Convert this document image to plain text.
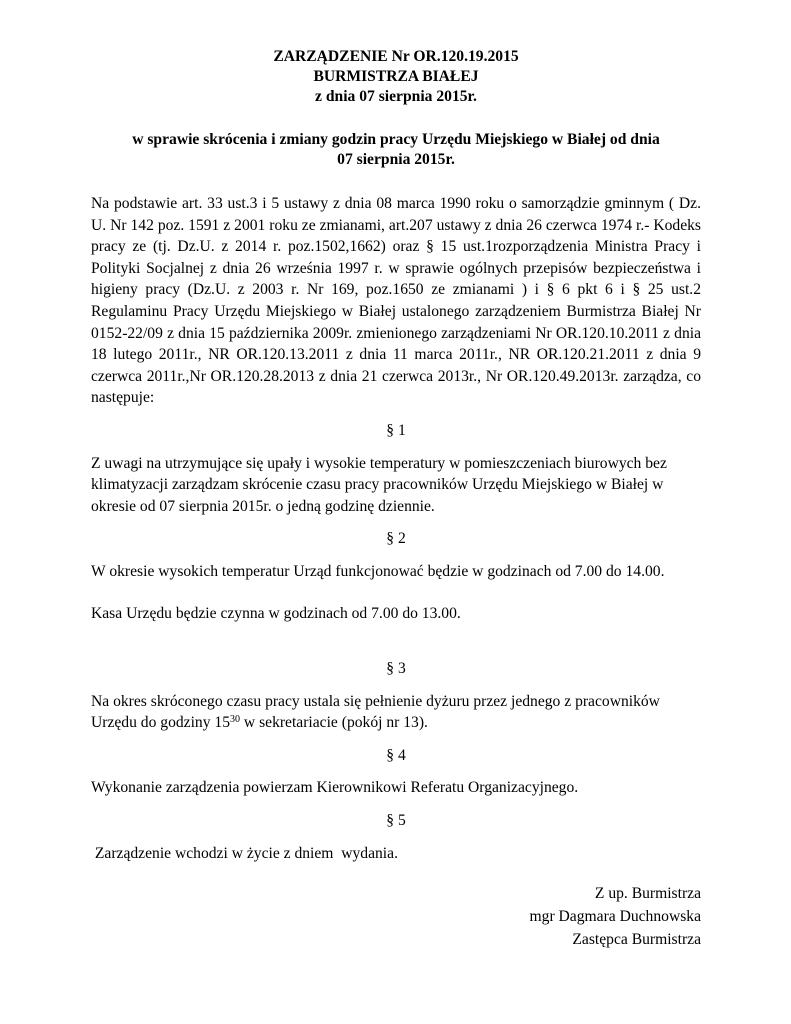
ZARZĄDZENIE Nr OR.120.19.2015
BURMISTRZA BIAŁEJ
z dnia 07 sierpnia 2015r.
w sprawie skrócenia i zmiany godzin pracy Urzędu Miejskiego w Białej od dnia
07 sierpnia 2015r.
Na podstawie art. 33 ust.3 i 5 ustawy z dnia 08 marca 1990 roku o samorządzie gminnym ( Dz.
U. Nr 142 poz. 1591 z 2001 roku ze zmianami, art.207 ustawy z dnia 26 czerwca 1974 r.- Kodeks
pracy ze (tj. Dz.U. z 2014 r. poz.1502,1662) oraz § 15 ust.1rozporządzenia Ministra Pracy i
Polityki Socjalnej z dnia 26 września 1997 r. w sprawie ogólnych przepisów bezpieczeństwa i
higieny pracy (Dz.U. z 2003 r. Nr 169, poz.1650 ze zmianami ) i § 6 pkt 6 i § 25 ust.2
Regulaminu Pracy Urzędu Miejskiego w Białej ustalonego zarządzeniem Burmistrza Białej Nr
0152-22/09 z dnia 15 października 2009r. zmienionego zarządzeniami Nr OR.120.10.2011 z dnia
18 lutego 2011r., NR OR.120.13.2011 z dnia 11 marca 2011r., NR OR.120.21.2011 z dnia 9
czerwca 2011r.,Nr OR.120.28.2013 z dnia 21 czerwca 2013r., Nr OR.120.49.2013r. zarządza, co
następuje:
§ 1
Z uwagi na utrzymujące się upały i wysokie temperatury w pomieszczeniach biurowych bez
klimatyzacji zarządzam skrócenie czasu pracy pracowników Urzędu Miejskiego w Białej w
okresie od 07 sierpnia 2015r. o jedną godzinę dziennie.
§ 2
W okresie wysokich temperatur Urząd funkcjonować będzie w godzinach od 7.00 do 14.00.
Kasa Urzędu będzie czynna w godzinach od 7.00 do 13.00.
§ 3
Na okres skróconego czasu pracy ustala się pełnienie dyżuru przez jednego z pracowników
Urzędu do godziny $15^{30}$ w sekretariacie (pokój nr 13).
§ 4
Wykonanie zarządzenia powierzam Kierownikowi Referatu Organizacyjnego.
§ 5
Zarządzenie wchodzi w życie z dniem  wydania.
Z up. Burmistrza
mgr Dagmara Duchnowska
Zastępca Burmistrza
